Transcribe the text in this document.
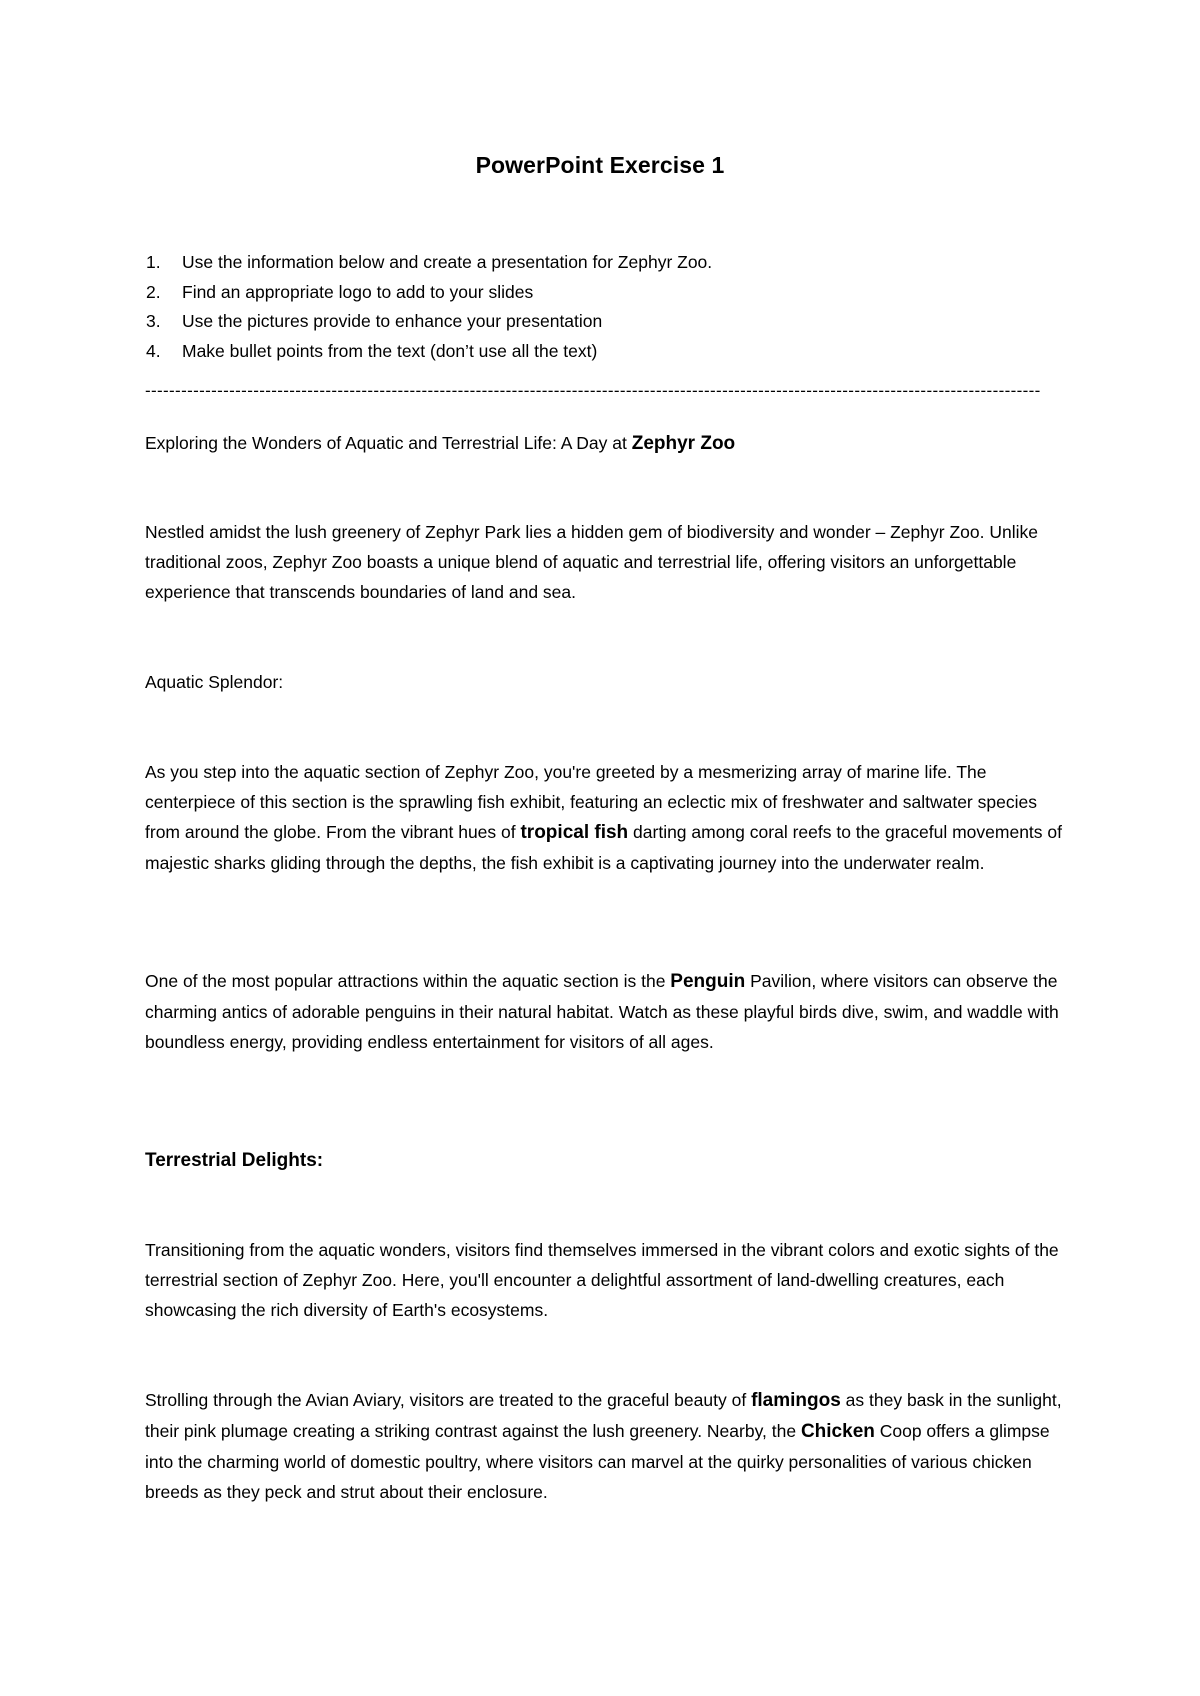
PowerPoint Exercise 1
1.	Use the information below and create a presentation for Zephyr Zoo.
2.	Find an appropriate logo to add to your slides
3.	Use the pictures provide to enhance your presentation
4.	Make bullet points from the text (don’t use all the text)
-----------------------------------------------------------------------------------------------------------------------------------------------------

Exploring the Wonders of Aquatic and Terrestrial Life: A Day at Zephyr Zoo

Nestled amidst the lush greenery of Zephyr Park lies a hidden gem of biodiversity and wonder – Zephyr Zoo. Unlike traditional zoos, Zephyr Zoo boasts a unique blend of aquatic and terrestrial life, offering visitors an unforgettable experience that transcends boundaries of land and sea.

Aquatic Splendor:

As you step into the aquatic section of Zephyr Zoo, you're greeted by a mesmerizing array of marine life. The centerpiece of this section is the sprawling fish exhibit, featuring an eclectic mix of freshwater and saltwater species from around the globe. From the vibrant hues of tropical fish darting among coral reefs to the graceful movements of majestic sharks gliding through the depths, the fish exhibit is a captivating journey into the underwater realm.

One of the most popular attractions within the aquatic section is the Penguin Pavilion, where visitors can observe the charming antics of adorable penguins in their natural habitat. Watch as these playful birds dive, swim, and waddle with boundless energy, providing endless entertainment for visitors of all ages.

Terrestrial Delights:

Transitioning from the aquatic wonders, visitors find themselves immersed in the vibrant colors and exotic sights of the terrestrial section of Zephyr Zoo. Here, you'll encounter a delightful assortment of land-dwelling creatures, each showcasing the rich diversity of Earth's ecosystems.

Strolling through the Avian Aviary, visitors are treated to the graceful beauty of flamingos as they bask in the sunlight, their pink plumage creating a striking contrast against the lush greenery. Nearby, the Chicken Coop offers a glimpse into the charming world of domestic poultry, where visitors can marvel at the quirky personalities of various chicken breeds as they peck and strut about their enclosure.
